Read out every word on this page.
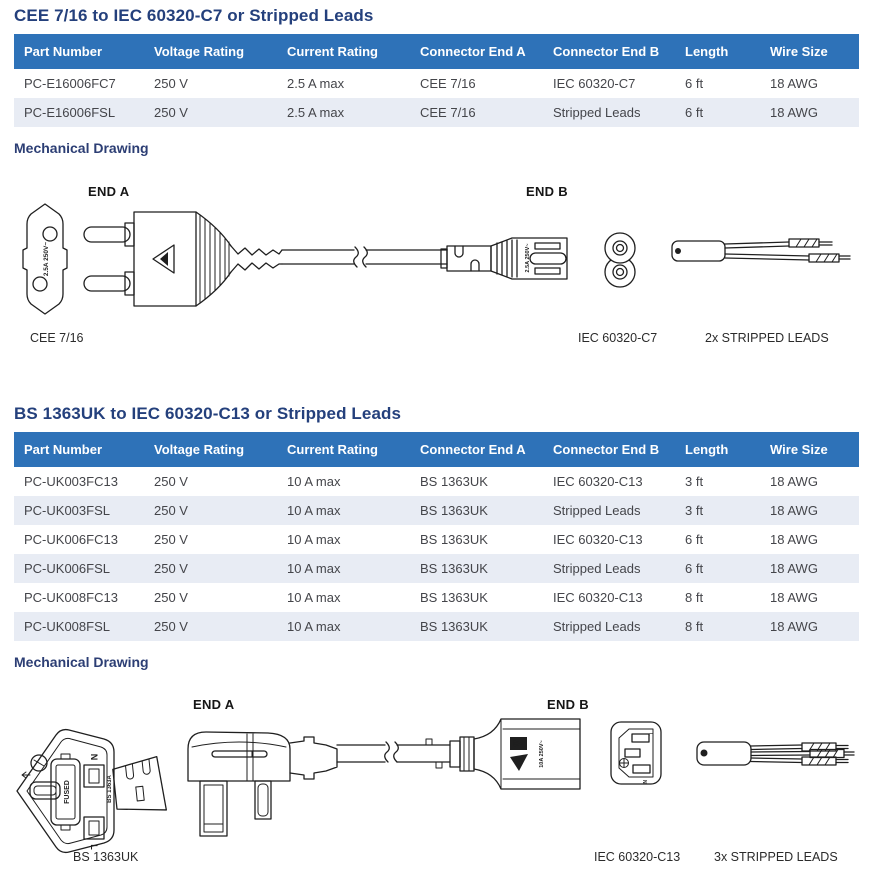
CEE 7/16 to IEC 60320-C7 or Stripped Leads
Part Number	Voltage Rating	Current Rating	Connector End A	Connector End B	Length	Wire Size
PC-E16006FC7	250 V	2.5 A max	CEE 7/16	IEC 60320-C7	6 ft	18 AWG
PC-E16006FSL	250 V	2.5 A max	CEE 7/16	Stripped Leads	6 ft	18 AWG
Mechanical Drawing
2.5A 250V~	2.5A 250V~
END A	END B
CEE 7/16	IEC 60320-C7	2x STRIPPED LEADS
BS 1363UK to IEC 60320-C13 or Stripped Leads
Part Number	Voltage Rating	Current Rating	Connector End A	Connector End B	Length	Wire Size
PC-UK003FC13	250 V	10 A max	BS 1363UK	IEC 60320-C13	3 ft	18 AWG
PC-UK003FSL	250 V	10 A max	BS 1363UK	Stripped Leads	3 ft	18 AWG
PC-UK006FC13	250 V	10 A max	BS 1363UK	IEC 60320-C13	6 ft	18 AWG
PC-UK006FSL	250 V	10 A max	BS 1363UK	Stripped Leads	6 ft	18 AWG
PC-UK008FC13	250 V	10 A max	BS 1363UK	IEC 60320-C13	8 ft	18 AWG
PC-UK008FSL	250 V	10 A max	BS 1363UK	Stripped Leads	8 ft	18 AWG
Mechanical Drawing
FUSED
N
L
BS 1363A
10A 250V~
L
N
END A	END B
BS 1363UK	IEC 60320-C13	3x STRIPPED LEADS
